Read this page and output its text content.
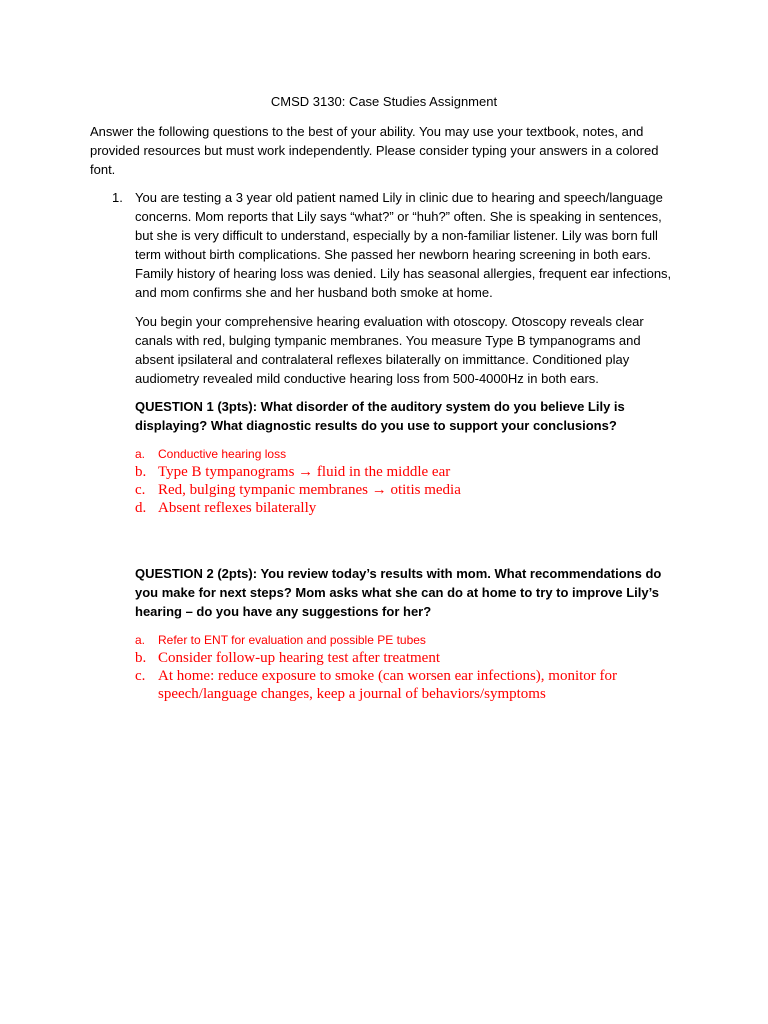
CMSD 3130: Case Studies Assignment
Answer the following questions to the best of your ability. You may use your textbook, notes, and provided resources but must work independently. Please consider typing your answers in a colored font.
1. You are testing a 3 year old patient named Lily in clinic due to hearing and speech/language concerns. Mom reports that Lily says “what?” or “huh?” often. She is speaking in sentences, but she is very difficult to understand, especially by a non-familiar listener. Lily was born full term without birth complications. She passed her newborn hearing screening in both ears. Family history of hearing loss was denied. Lily has seasonal allergies, frequent ear infections, and mom confirms she and her husband both smoke at home.

You begin your comprehensive hearing evaluation with otoscopy. Otoscopy reveals clear canals with red, bulging tympanic membranes. You measure Type B tympanograms and absent ipsilateral and contralateral reflexes bilaterally on immittance. Conditioned play audiometry revealed mild conductive hearing loss from 500-4000Hz in both ears.

QUESTION 1 (3pts): What disorder of the auditory system do you believe Lily is displaying? What diagnostic results do you use to support your conclusions?

a. Conductive hearing loss
b. Type B tympanograms → fluid in the middle ear
c. Red, bulging tympanic membranes → otitis media
d. Absent reflexes bilaterally

QUESTION 2 (2pts): You review today’s results with mom. What recommendations do you make for next steps? Mom asks what she can do at home to try to improve Lily’s hearing – do you have any suggestions for her?

a. Refer to ENT for evaluation and possible PE tubes
b. Consider follow-up hearing test after treatment
c. At home: reduce exposure to smoke (can worsen ear infections), monitor for speech/language changes, keep a journal of behaviors/symptoms
